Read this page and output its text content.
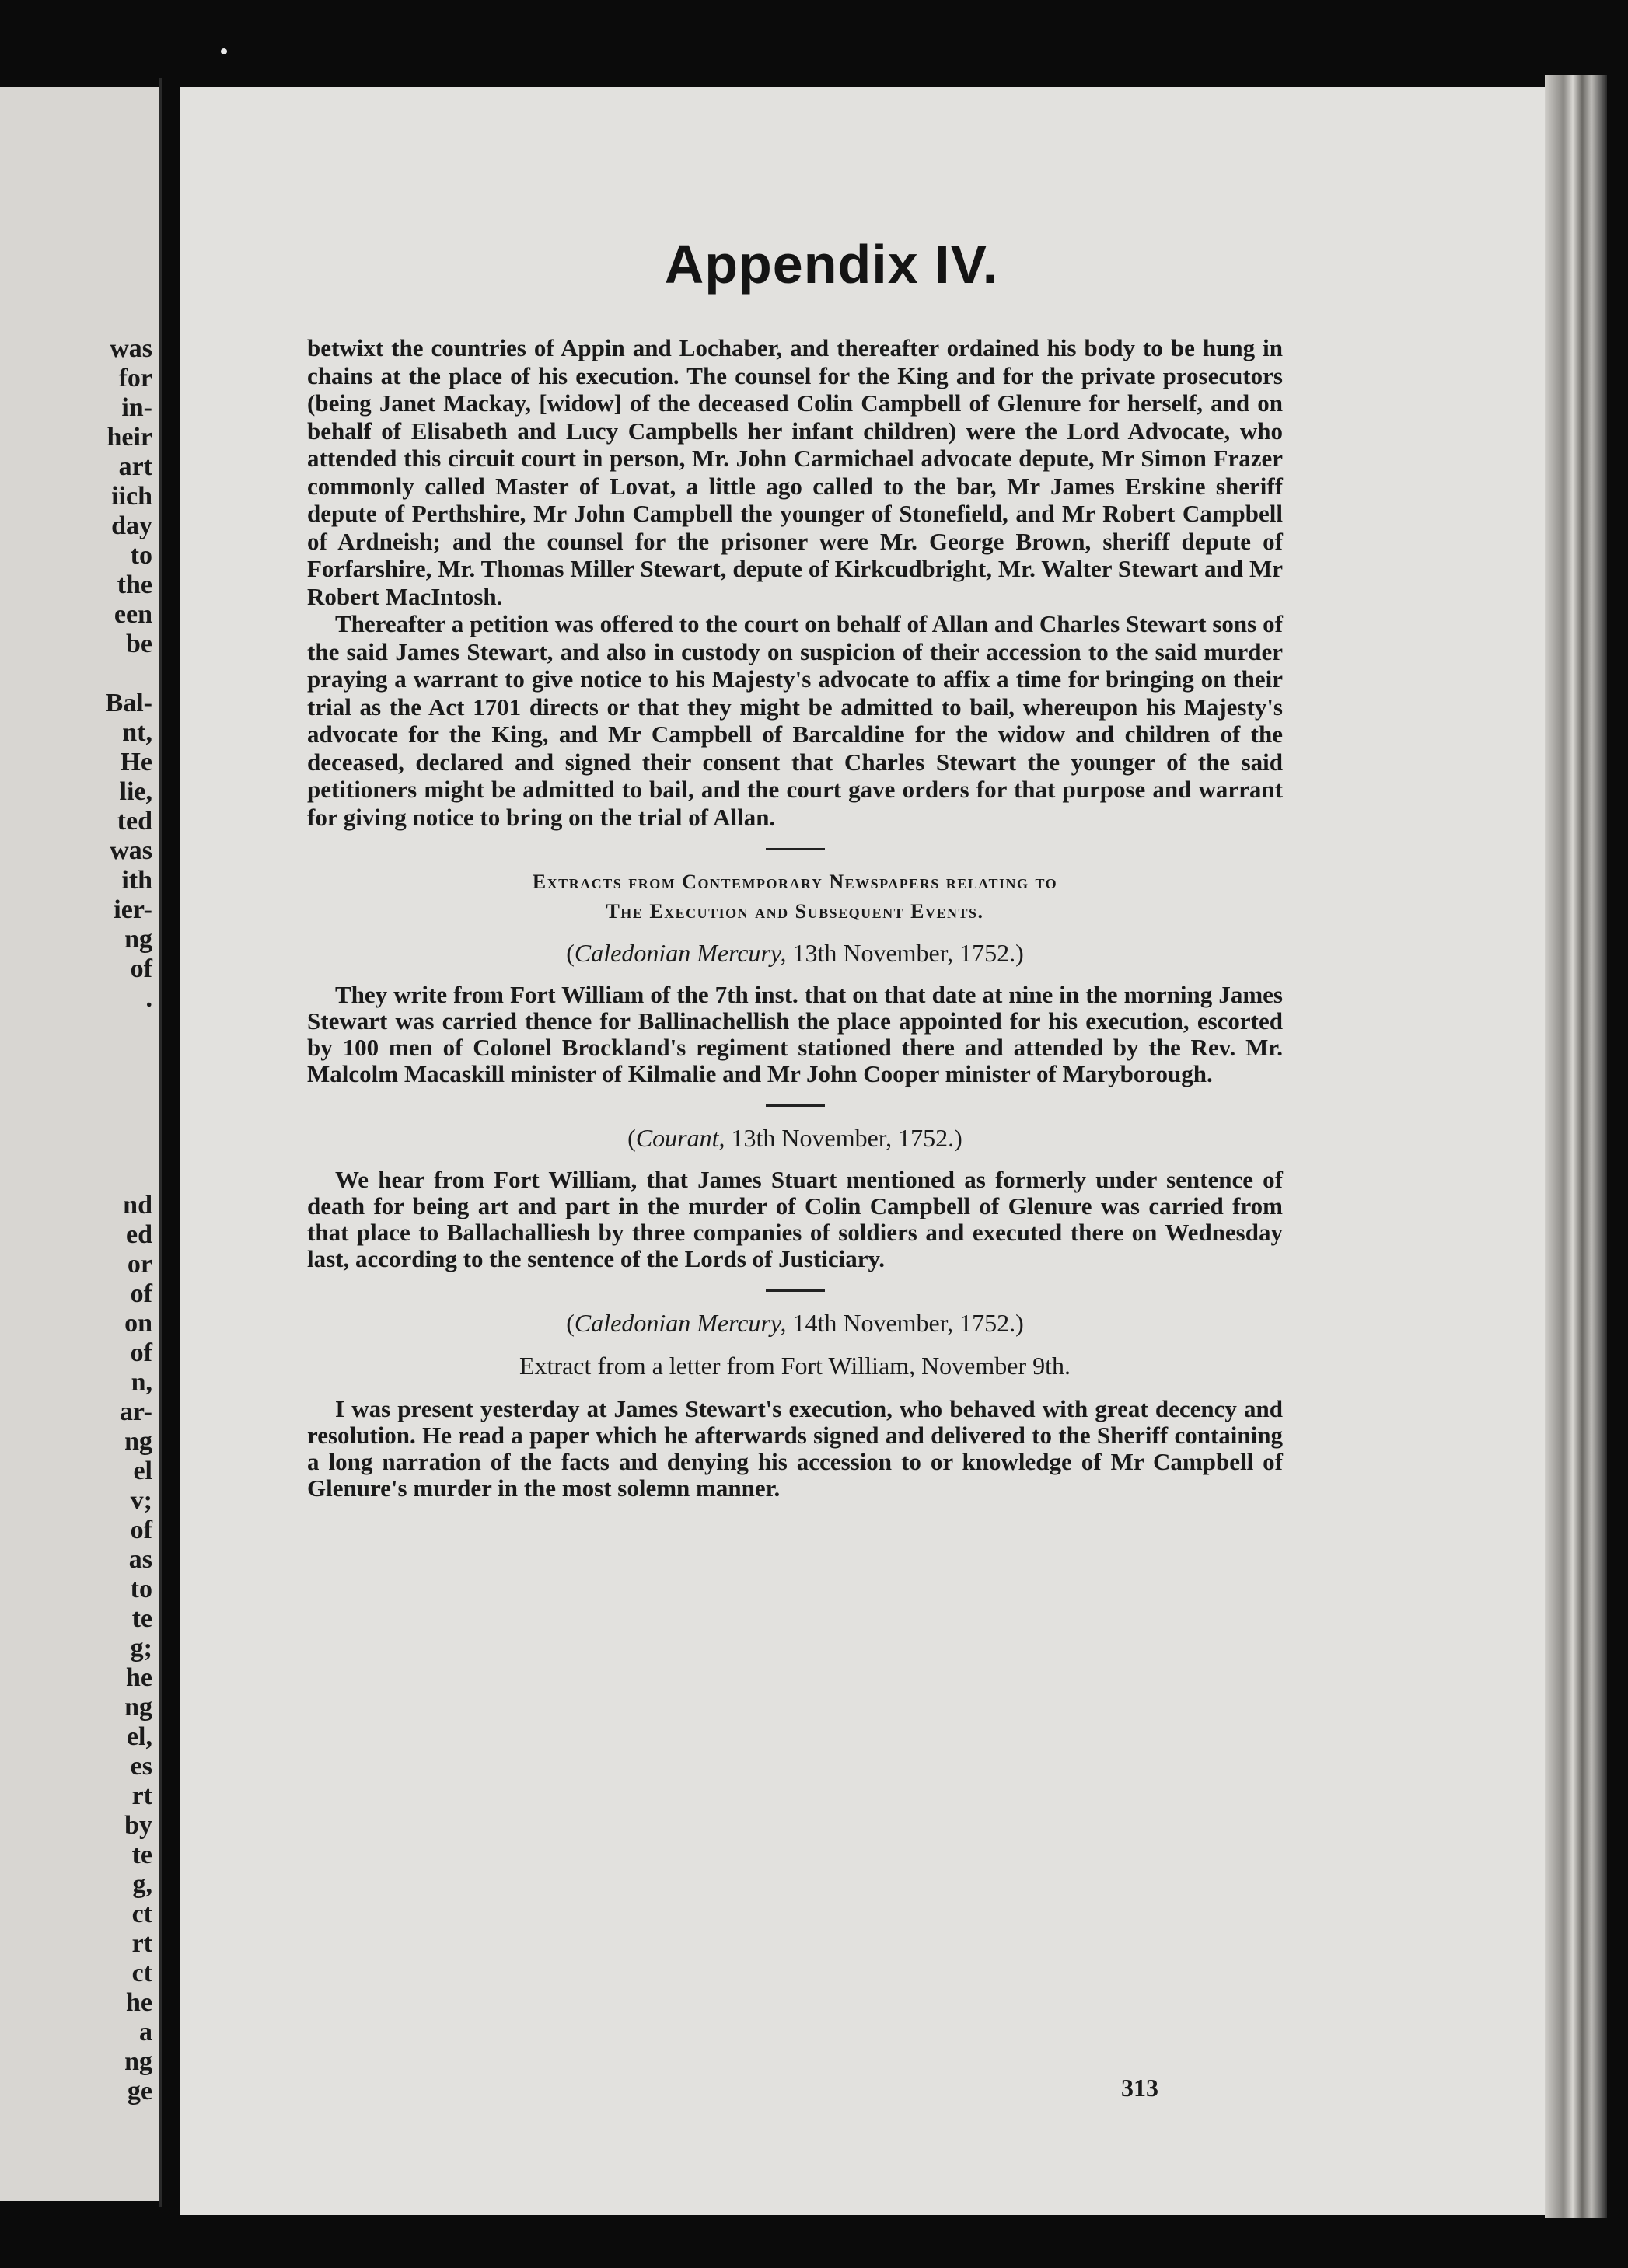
was
for
in-
heir
art
iich
day
to
the
een
be

Bal-
nt,
He
lie,
ted
was
ith
ier-
ng
of
.
nd
ed
or
of
on
of
n,
ar-
ng
el
v;
of
as
to
te
g;
he
ng
el,
es
rt
by
te
g,
ct
rt
ct
he
a
ng
ge
Appendix IV.

betwixt the countries of Appin and Lochaber, and thereafter ordained his body to be hung in chains at the place of his execution. The counsel for the King and for the private prosecutors (being Janet Mackay, [widow] of the deceased Colin Campbell of Glenure for herself, and on behalf of Elisabeth and Lucy Campbells her infant children) were the Lord Advocate, who attended this circuit court in person, Mr. John Carmichael advocate depute, Mr Simon Frazer commonly called Master of Lovat, a little ago called to the bar, Mr James Erskine sheriff depute of Perthshire, Mr John Campbell the younger of Stonefield, and Mr Robert Campbell of Ardneish; and the counsel for the prisoner were Mr. George Brown, sheriff depute of Forfarshire, Mr. Thomas Miller Stewart, depute of Kirkcudbright, Mr. Walter Stewart and Mr Robert MacIntosh.

Thereafter a petition was offered to the court on behalf of Allan and Charles Stewart sons of the said James Stewart, and also in custody on suspicion of their accession to the said murder praying a warrant to give notice to his Majesty's advocate to affix a time for bringing on their trial as the Act 1701 directs or that they might be admitted to bail, whereupon his Majesty's advocate for the King, and Mr Campbell of Barcaldine for the widow and children of the deceased, declared and signed their consent that Charles Stewart the younger of the said petitioners might be admitted to bail, and the court gave orders for that purpose and warrant for giving notice to bring on the trial of Allan.

Extracts from Contemporary Newspapers relating to
The Execution and Subsequent Events.
(Caledonian Mercury, 13th November, 1752.)

They write from Fort William of the 7th inst. that on that date at nine in the morning James Stewart was carried thence for Ballinachellish the place appointed for his execution, escorted by 100 men of Colonel Brockland's regiment stationed there and attended by the Rev. Mr. Malcolm Macaskill minister of Kilmalie and Mr John Cooper minister of Maryborough.

(Courant, 13th November, 1752.)

We hear from Fort William, that James Stuart mentioned as formerly under sentence of death for being art and part in the murder of Colin Campbell of Glenure was carried from that place to Ballachalliesh by three companies of soldiers and executed there on Wednesday last, according to the sentence of the Lords of Justiciary.

(Caledonian Mercury, 14th November, 1752.)
Extract from a letter from Fort William, November 9th.

I was present yesterday at James Stewart's execution, who behaved with great decency and resolution. He read a paper which he afterwards signed and delivered to the Sheriff containing a long narration of the facts and denying his accession to or knowledge of Mr Campbell of Glenure's murder in the most solemn manner.

313
